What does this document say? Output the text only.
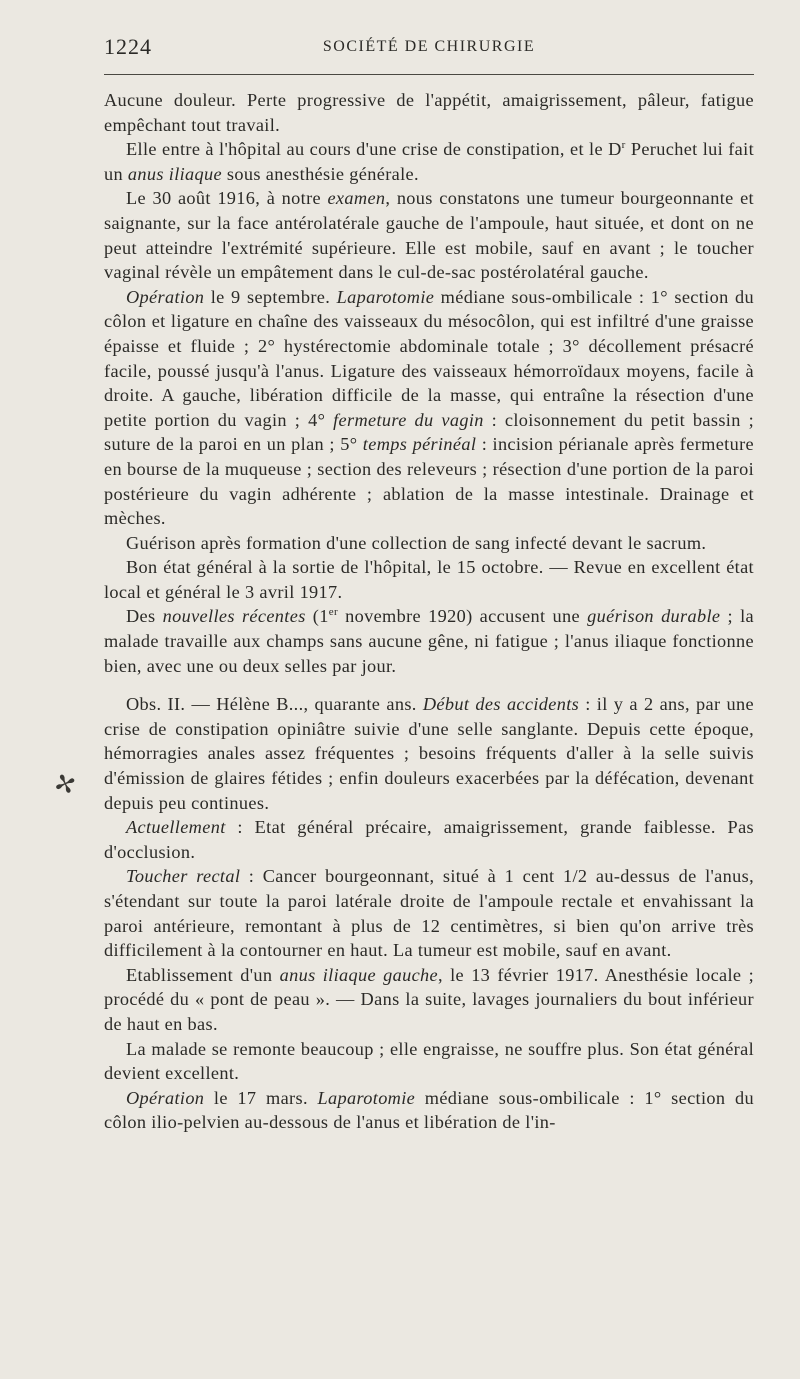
1224	SOCIÉTÉ DE CHIRURGIE
✢

Aucune douleur. Perte progressive de l'appétit, amaigrissement, pâleur, fatigue empêchant tout travail.

Elle entre à l'hôpital au cours d'une crise de constipation, et le $D^r$ Peruchet lui fait un anus iliaque sous anesthésie générale.

Le 30 août 1916, à notre examen, nous constatons une tumeur bourgeonnante et saignante, sur la face antérolatérale gauche de l'ampoule, haut située, et dont on ne peut atteindre l'extrémité supérieure. Elle est mobile, sauf en avant ; le toucher vaginal révèle un empâtement dans le cul-de-sac postérolatéral gauche.

Opération le 9 septembre. Laparotomie médiane sous-ombilicale : 1° section du côlon et ligature en chaîne des vaisseaux du mésocôlon, qui est infiltré d'une graisse épaisse et fluide ; 2° hystérectomie abdominale totale ; 3° décollement présacré facile, poussé jusqu'à l'anus. Ligature des vaisseaux hémorroïdaux moyens, facile à droite. A gauche, libération difficile de la masse, qui entraîne la résection d'une petite portion du vagin ; 4° fermeture du vagin : cloisonnement du petit bassin ; suture de la paroi en un plan ; 5° temps périnéal : incision périanale après fermeture en bourse de la muqueuse ; section des releveurs ; résection d'une portion de la paroi postérieure du vagin adhérente ; ablation de la masse intestinale. Drainage et mèches.

Guérison après formation d'une collection de sang infecté devant le sacrum.

Bon état général à la sortie de l'hôpital, le 15 octobre. — Revue en excellent état local et général le 3 avril 1917.

Des nouvelles récentes (1er novembre 1920) accusent une guérison durable ; la malade travaille aux champs sans aucune gêne, ni fatigue ; l'anus iliaque fonctionne bien, avec une ou deux selles par jour.

Obs. II. — Hélène B..., quarante ans. Début des accidents : il y a 2 ans, par une crise de constipation opiniâtre suivie d'une selle sanglante. Depuis cette époque, hémorragies anales assez fréquentes ; besoins fréquents d'aller à la selle suivis d'émission de glaires fétides ; enfin douleurs exacerbées par la défécation, devenant depuis peu continues.

Actuellement : Etat général précaire, amaigrissement, grande faiblesse. Pas d'occlusion.

Toucher rectal : Cancer bourgeonnant, situé à 1 cent 1/2 au-dessus de l'anus, s'étendant sur toute la paroi latérale droite de l'ampoule rectale et envahissant la paroi antérieure, remontant à plus de 12 centimètres, si bien qu'on arrive très difficilement à la contourner en haut. La tumeur est mobile, sauf en avant.

Etablissement d'un anus iliaque gauche, le 13 février 1917. Anesthésie locale ; procédé du « pont de peau ». — Dans la suite, lavages journaliers du bout inférieur de haut en bas.

La malade se remonte beaucoup ; elle engraisse, ne souffre plus. Son état général devient excellent.

Opération le 17 mars. Laparotomie médiane sous-ombilicale : 1° section du côlon ilio-pelvien au-dessous de l'anus et libération de l'in-
